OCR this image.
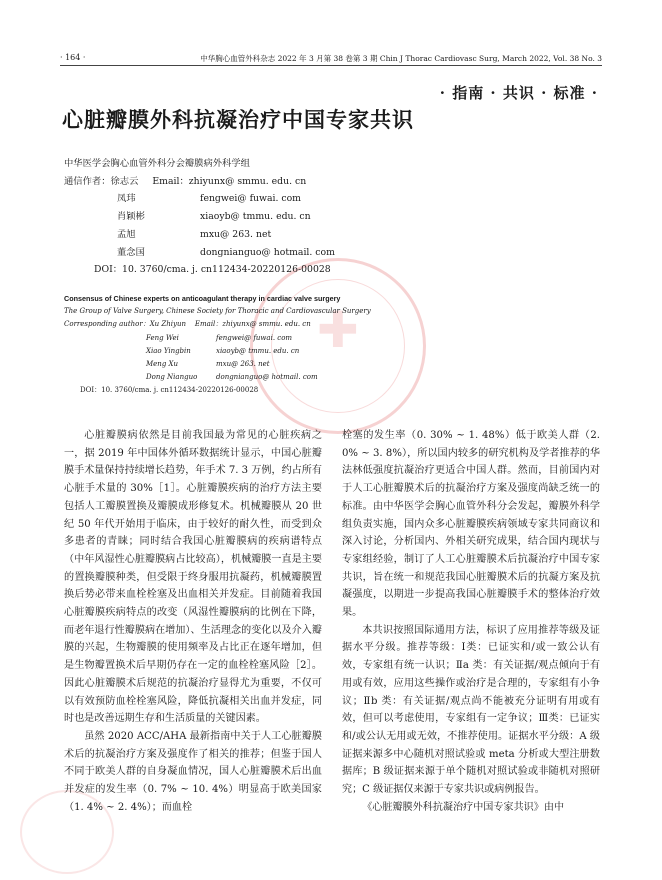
· 164 ·	中华胸心血管外科杂志 2022 年 3 月第 38 卷第 3 期 Chin J Thorac Cardiovasc Surg, March 2022, Vol. 38 No. 3
✚
· 指南 · 共识 · 标准 ·
心脏瓣膜外科抗凝治疗中国专家共识
中华医学会胸心血管外科分会瓣膜病外科学组
通信作者：徐志云	Email： zhiyunx@ smmu. edu. cn
凤玮	fengwei@ fuwai. com
肖颖彬	xiaoyb@ tmmu. edu. cn
孟旭	mxu@ 263. net
董念国	dongnianguo@ hotmail. com
DOI：10. 3760/cma. j. cn112434-20220126-00028
Consensus of Chinese experts on anticoagulant therapy in cardiac valve surgery
The Group of Valve Surgery, Chinese Society for Thoracic and Cardiovascular Surgery
Corresponding author：Xu Zhiyun    Email： zhiyunx@ smmu. edu. cn
Feng Wei	fengwei@ fuwai. com
Xiao Yingbin	xiaoyb@ tmmu. edu. cn
Meng Xu	mxu@ 263. net
Dong Nianguo	dongnianguo@ hotmail. com
DOI：10. 3760/cma. j. cn112434-20220126-00028

心脏瓣膜病依然是目前我国最为常见的心脏疾病之一，据 2019 年中国体外循环数据统计显示，中国心脏瓣膜手术量保持持续增长趋势，年手术 7. 3 万例，约占所有心脏手术量的 30%［1］。心脏瓣膜疾病的治疗方法主要包括人工瓣膜置换及瓣膜成形修复术。机械瓣膜从 20 世纪 50 年代开始用于临床，由于较好的耐久性，而受到众多患者的青睐；同时结合我国心脏瓣膜病的疾病谱特点（中年风湿性心脏瓣膜病占比较高），机械瓣膜一直是主要的置换瓣膜种类，但受限于终身服用抗凝药，机械瓣膜置换后势必带来血栓栓塞及出血相关并发症。目前随着我国心脏瓣膜疾病特点的改变（风湿性瓣膜病的比例在下降，而老年退行性瓣膜病在增加）、生活理念的变化以及介入瓣膜的兴起，生物瓣膜的使用频率及占比正在逐年增加，但是生物瓣置换术后早期仍存在一定的血栓栓塞风险［2］。因此心脏瓣膜术后规范的抗凝治疗显得尤为重要，不仅可以有效预防血栓栓塞风险，降低抗凝相关出血并发症，同时也是改善远期生存和生活质量的关键因素。

虽然 2020 ACC/AHA 最新指南中关于人工心脏瓣膜术后的抗凝治疗方案及强度作了相关的推荐；但鉴于国人不同于欧美人群的自身凝血情况，国人心脏瓣膜术后出血并发症的发生率（0. 7% ~ 10. 4%）明显高于欧美国家（1. 4% ~ 2. 4%）；而血栓

栓塞的发生率（0. 30% ~ 1. 48%）低于欧美人群（2. 0% ~ 3. 8%），所以国内较多的研究机构及学者推荐的华法林低强度抗凝治疗更适合中国人群。然而，目前国内对于人工心脏瓣膜术后的抗凝治疗方案及强度尚缺乏统一的标准。由中华医学会胸心血管外科分会发起，瓣膜外科学组负责实施，国内众多心脏瓣膜疾病领域专家共同商议和深入讨论，分析国内、外相关研究成果，结合国内现状与专家组经验，制订了人工心脏瓣膜术后抗凝治疗中国专家共识，旨在统一和规范我国心脏瓣膜术后的抗凝方案及抗凝强度，以期进一步提高我国心脏瓣膜手术的整体治疗效果。

本共识按照国际通用方法，标识了应用推荐等级及证据水平分级。推荐等级：Ⅰ类：已证实和/或一致公认有效，专家组有统一认识；Ⅱa 类：有关证据/观点倾向于有用或有效，应用这些操作或治疗是合理的，专家组有小争议；Ⅱb 类：有关证据/观点尚不能被充分证明有用或有效，但可以考虑使用，专家组有一定争议；Ⅲ类：已证实和/或公认无用或无效，不推荐使用。证据水平分级：A 级证据来源多中心随机对照试验或 meta 分析或大型注册数据库；B 级证据来源于单个随机对照试验或非随机对照研究；C 级证据仅来源于专家共识或病例报告。

《心脏瓣膜外科抗凝治疗中国专家共识》由中
